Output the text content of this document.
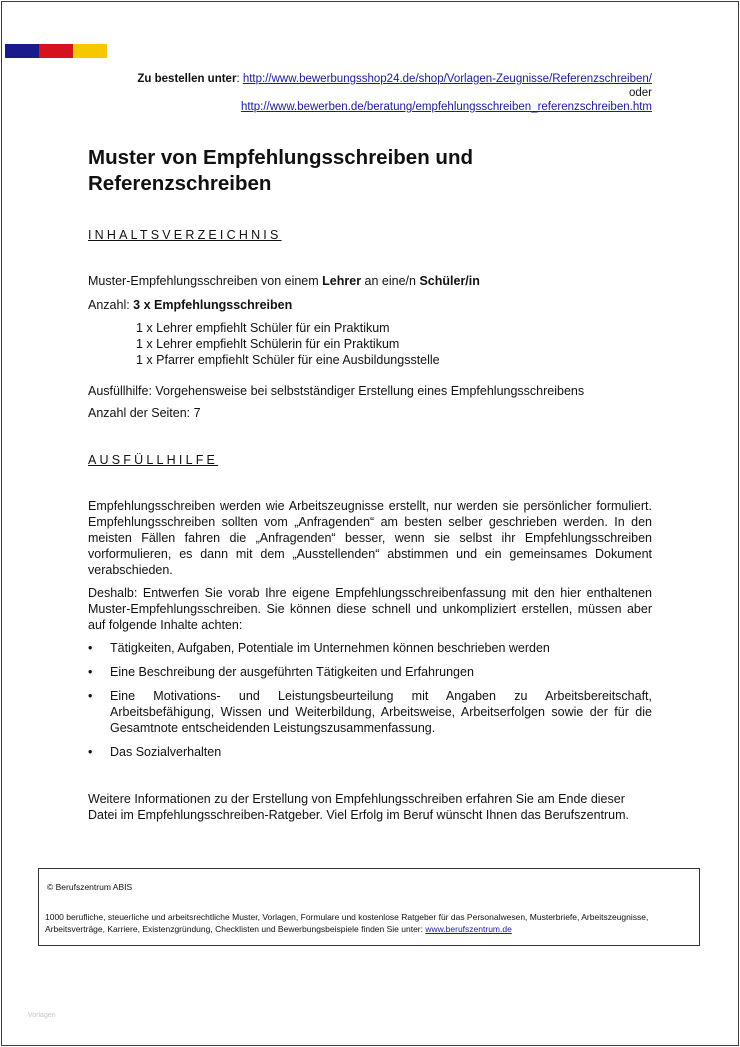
Zu bestellen unter: http://www.bewerbungsshop24.de/shop/Vorlagen-Zeugnisse/Referenzschreiben/
oder
http://www.bewerben.de/beratung/empfehlungsschreiben_referenzschreiben.htm
Muster von Empfehlungsschreiben und Referenzschreiben
INHALTSVERZEICHNIS
Muster-Empfehlungsschreiben von einem Lehrer an eine/n Schüler/in
Anzahl: 3 x Empfehlungsschreiben
1 x Lehrer empfiehlt Schüler für ein Praktikum
1 x Lehrer empfiehlt Schülerin für ein Praktikum
1 x Pfarrer empfiehlt Schüler für eine Ausbildungsstelle
Ausfüllhilfe: Vorgehensweise bei selbstständiger Erstellung eines Empfehlungsschreibens
Anzahl der Seiten: 7
AUSFÜLLHILFE

Empfehlungsschreiben werden wie Arbeitszeugnisse erstellt, nur werden sie persönlicher formuliert. Empfehlungsschreiben sollten vom „Anfragenden“ am besten selber geschrieben werden. In den meisten Fällen fahren die „Anfragenden“ besser, wenn sie selbst ihr Empfehlungsschreiben vorformulieren, es dann mit dem „Ausstellenden“ abstimmen und ein gemeinsames Dokument verabschieden.

Deshalb: Entwerfen Sie vorab Ihre eigene Empfehlungsschreibenfassung mit den hier enthaltenen Muster-Empfehlungsschreiben. Sie können diese schnell und unkompliziert erstellen, müssen aber auf folgende Inhalte achten:

• Tätigkeiten, Aufgaben, Potentiale im Unternehmen können beschrieben werden
• Eine Beschreibung der ausgeführten Tätigkeiten und Erfahrungen
• Eine Motivations- und Leistungsbeurteilung mit Angaben zu Arbeitsbereitschaft, Arbeitsbefähigung, Wissen und Weiterbildung, Arbeitsweise, Arbeitserfolgen sowie der für die Gesamtnote entscheidenden Leistungszusammenfassung.
• Das Sozialverhalten

Weitere Informationen zu der Erstellung von Empfehlungsschreiben erfahren Sie am Ende dieser Datei im Empfehlungsschreiben-Ratgeber. Viel Erfolg im Beruf wünscht Ihnen das Berufszentrum.

© Berufszentrum ABIS
1000 berufliche, steuerliche und arbeitsrechtliche Muster, Vorlagen, Formulare und kostenlose Ratgeber für das Personalwesen, Musterbriefe, Arbeitszeugnisse, Arbeitsverträge, Karriere, Existenzgründung, Checklisten und Bewerbungsbeispiele finden Sie unter: www.berufszentrum.de
Vorlagen
